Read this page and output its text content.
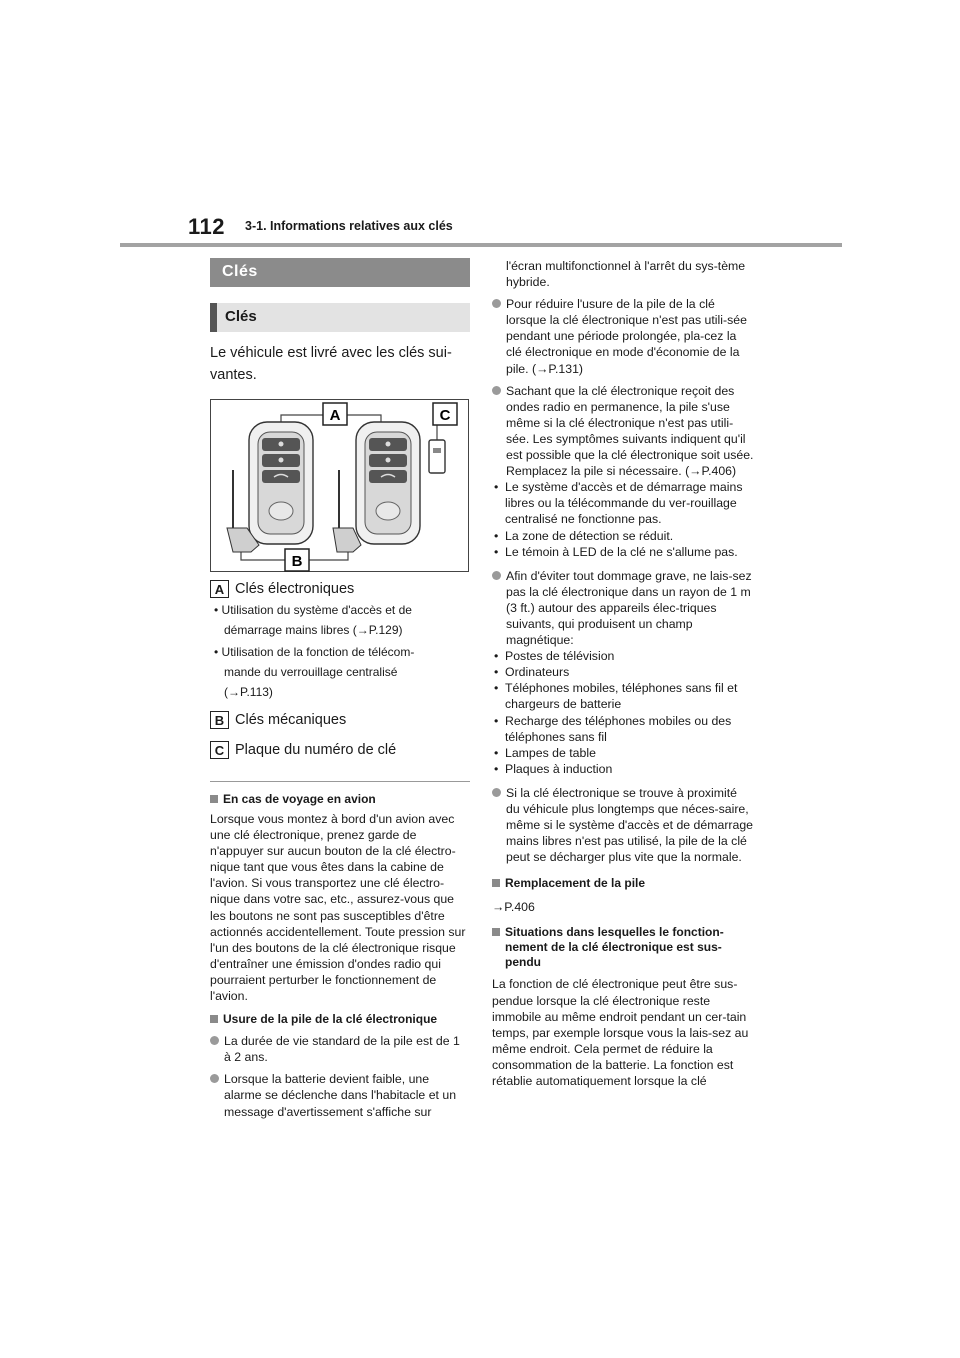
112 3-1. Informations relatives aux clés
Clés
Clés
Le véhicule est livré avec les clés sui-vantes.
A	C
B
A Clés électroniques
• Utilisation du système d'accès et de
démarrage mains libres (→P.129)
• Utilisation de la fonction de télécom-
mande du verrouillage centralisé
(→P.113)
B Clés mécaniques
C Plaque du numéro de clé
En cas de voyage en avion
Lorsque vous montez à bord d'un avion avec une clé électronique, prenez garde de n'appuyer sur aucun bouton de la clé électro-nique tant que vous êtes dans la cabine de l'avion. Si vous transportez une clé électro-nique dans votre sac, etc., assurez-vous que les boutons ne sont pas susceptibles d'être actionnés accidentellement. Toute pression sur l'un des boutons de la clé électronique risque d'entraîner une émission d'ondes radio qui pourraient perturber le fonctionnement de l'avion.
Usure de la pile de la clé électronique
La durée de vie standard de la pile est de 1 à 2 ans.
Lorsque la batterie devient faible, une alarme se déclenche dans l'habitacle et un message d'avertissement s'affiche sur
l'écran multifonctionnel à l'arrêt du sys-tème hybride.
Pour réduire l'usure de la pile de la clé lorsque la clé électronique n'est pas utili-sée pendant une période prolongée, pla-cez la clé électronique en mode d'économie de la pile. (→P.131)
Sachant que la clé électronique reçoit des ondes radio en permanence, la pile s'use même si la clé électronique n'est pas utili-sée. Les symptômes suivants indiquent qu'il est possible que la clé électronique soit usée. Remplacez la pile si nécessaire. (→P.406)
• Le système d'accès et de démarrage mains libres ou la télécommande du ver-rouillage centralisé ne fonctionne pas.
• La zone de détection se réduit.
• Le témoin à LED de la clé ne s'allume pas.
Afin d'éviter tout dommage grave, ne lais-sez pas la clé électronique dans un rayon de 1 m (3 ft.) autour des appareils élec-triques suivants, qui produisent un champ magnétique:
• Postes de télévision
• Ordinateurs
• Téléphones mobiles, téléphones sans fil et chargeurs de batterie
• Recharge des téléphones mobiles ou des téléphones sans fil
• Lampes de table
• Plaques à induction
Si la clé électronique se trouve à proximité du véhicule plus longtemps que néces-saire, même si le système d'accès et de démarrage mains libres n'est pas utilisé, la pile de la clé peut se décharger plus vite que la normale.
Remplacement de la pile
→P.406
Situations dans lesquelles le fonction-nement de la clé électronique est sus-pendu
La fonction de clé électronique peut être sus-pendue lorsque la clé électronique reste immobile au même endroit pendant un cer-tain temps, par exemple lorsque vous la lais-sez au même endroit. Cela permet de réduire la consommation de la batterie. La fonction est rétablie automatiquement lorsque la clé
